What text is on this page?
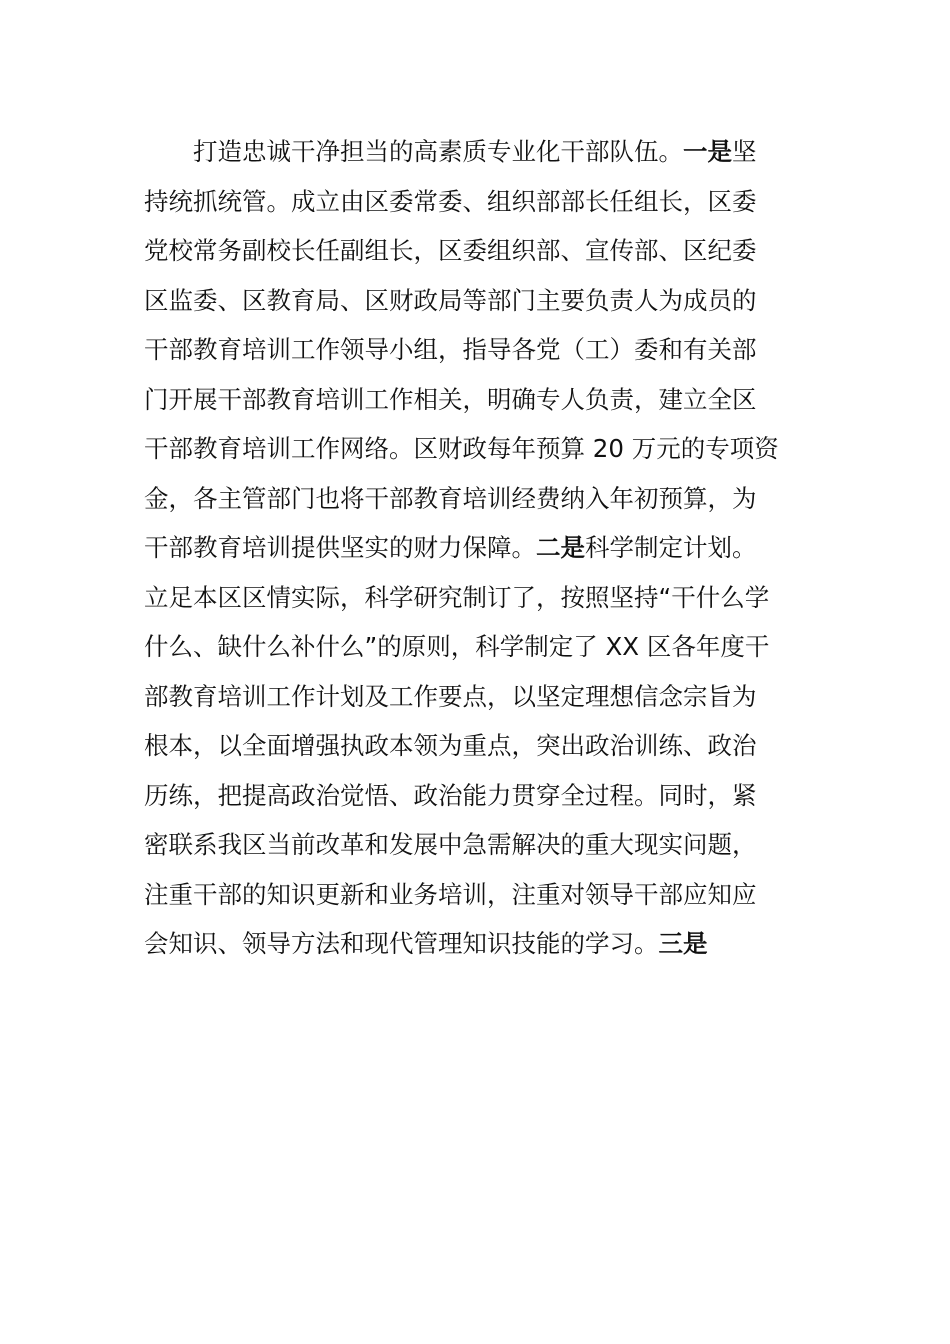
打造忠诚干净担当的高素质专业化干部队伍。一是坚
持统抓统管。成立由区委常委、组织部部长任组长，区委
党校常务副校长任副组长，区委组织部、宣传部、区纪委
区监委、区教育局、区财政局等部门主要负责人为成员的
干部教育培训工作领导小组，指导各党（工）委和有关部
门开展干部教育培训工作相关，明确专人负责，建立全区
干部教育培训工作网络。区财政每年预算 20 万元的专项资
金，各主管部门也将干部教育培训经费纳入年初预算，为
干部教育培训提供坚实的财力保障。二是科学制定计划。
立足本区区情实际，科学研究制订了，按照坚持“干什么学
什么、缺什么补什么”的原则，科学制定了 XX 区各年度干
部教育培训工作计划及工作要点，以坚定理想信念宗旨为
根本，以全面增强执政本领为重点，突出政治训练、政治
历练，把提高政治觉悟、政治能力贯穿全过程。同时，紧
密联系我区当前改革和发展中急需解决的重大现实问题，
注重干部的知识更新和业务培训，注重对领导干部应知应
会知识、领导方法和现代管理知识技能的学习。三是
